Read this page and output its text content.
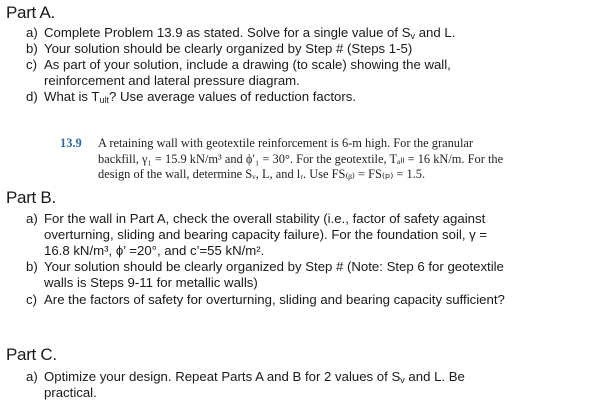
Part A.
a) Complete Problem 13.9 as stated. Solve for a single value of $S_v$ and L.
b) Your solution should be clearly organized by Step # (Steps 1-5)
c) As part of your solution, include a drawing (to scale) showing the wall,
reinforcement and lateral pressure diagram.
d) What is $T_{ult}$? Use average values of reduction factors.
13.9 A retaining wall with geotextile reinforcement is 6-m high. For the granular
backfill, γ₁ = 15.9 kN/m³ and ϕ′₁ = 30°. For the geotextile, Tₐₗₗ = 16 kN/m. For the
design of the wall, determine Sᵥ, L, and lᵣ. Use FS₍ᵦ₎ = FS₍ₚ₎ = 1.5.
Part B.
a) For the wall in Part A, check the overall stability (i.e., factor of safety against
overturning, sliding and bearing capacity failure). For the foundation soil, γ =
16.8 kN/m³, ϕ’ =20°, and c’=55 kN/m².
b) Your solution should be clearly organized by Step # (Note: Step 6 for geotextile
walls is Steps 9-11 for metallic walls)
c) Are the factors of safety for overturning, sliding and bearing capacity sufficient?
Part C.
a) Optimize your design. Repeat Parts A and B for 2 values of $S_v$ and L. Be
practical.
